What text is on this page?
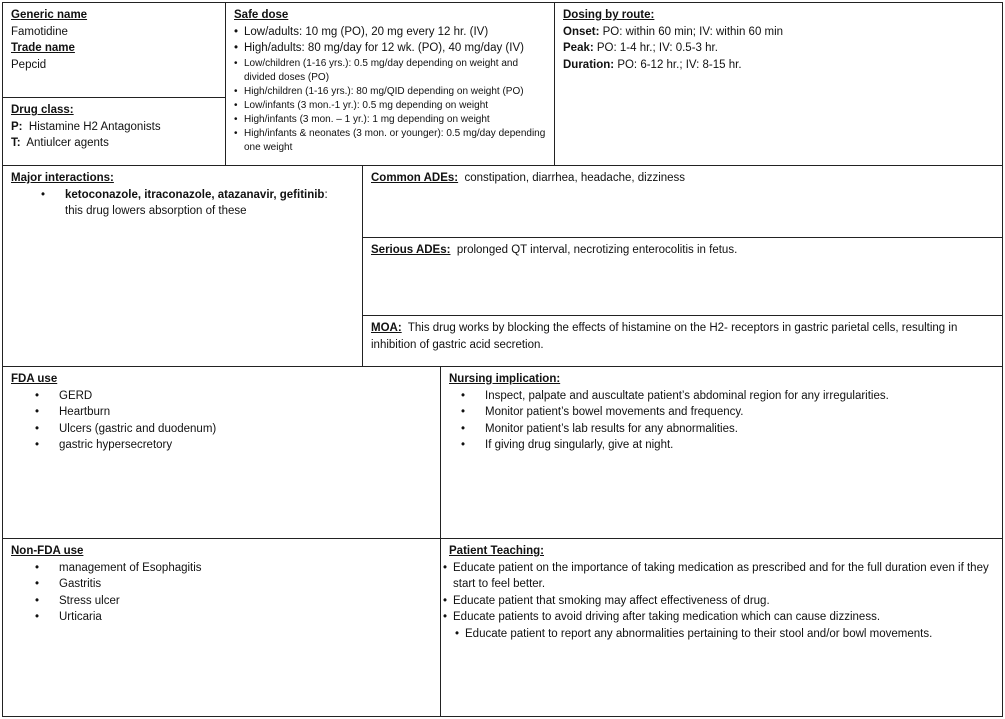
Generic name
Famotidine
Trade name
Pepcid
Drug class:
P: Histamine H2 Antagonists
T: Antiulcer agents
Safe dose
• Low/adults: 10 mg (PO), 20 mg every 12 hr. (IV)
• High/adults: 80 mg/day for 12 wk. (PO), 40 mg/day (IV)
• Low/children (1-16 yrs.): 0.5 mg/day depending on weight and divided doses (PO)
• High/children (1-16 yrs.): 80 mg/QID depending on weight (PO)
• Low/infants (3 mon.-1 yr.): 0.5 mg depending on weight
• High/infants (3 mon. – 1 yr.): 1 mg depending on weight
• High/infants & neonates (3 mon. or younger): 0.5 mg/day depending one weight
Dosing by route:
Onset: PO: within 60 min; IV: within 60 min
Peak: PO: 1-4 hr.; IV: 0.5-3 hr.
Duration: PO: 6-12 hr.; IV: 8-15 hr.
Major interactions:
• ketoconazole, itraconazole, atazanavir, gefitinib:
this drug lowers absorption of these
Common ADEs: constipation, diarrhea, headache, dizziness
Serious ADEs: prolonged QT interval, necrotizing enterocolitis in fetus.
MOA: This drug works by blocking the effects of histamine on the H2- receptors in gastric parietal cells, resulting in inhibition of gastric acid secretion.
FDA use
• GERD
• Heartburn
• Ulcers (gastric and duodenum)
• gastric hypersecretory
Nursing implication:
• Inspect, palpate and auscultate patient’s abdominal region for any irregularities.
• Monitor patient’s bowel movements and frequency.
• Monitor patient’s lab results for any abnormalities.
• If giving drug singularly, give at night.
Non-FDA use
• management of Esophagitis
• Gastritis
• Stress ulcer
• Urticaria
Patient Teaching:
• Educate patient on the importance of taking medication as prescribed and for the full duration even if they start to feel better.
• Educate patient that smoking may affect effectiveness of drug.
• Educate patients to avoid driving after taking medication which can cause dizziness.
• Educate patient to report any abnormalities pertaining to their stool and/or bowl movements.
